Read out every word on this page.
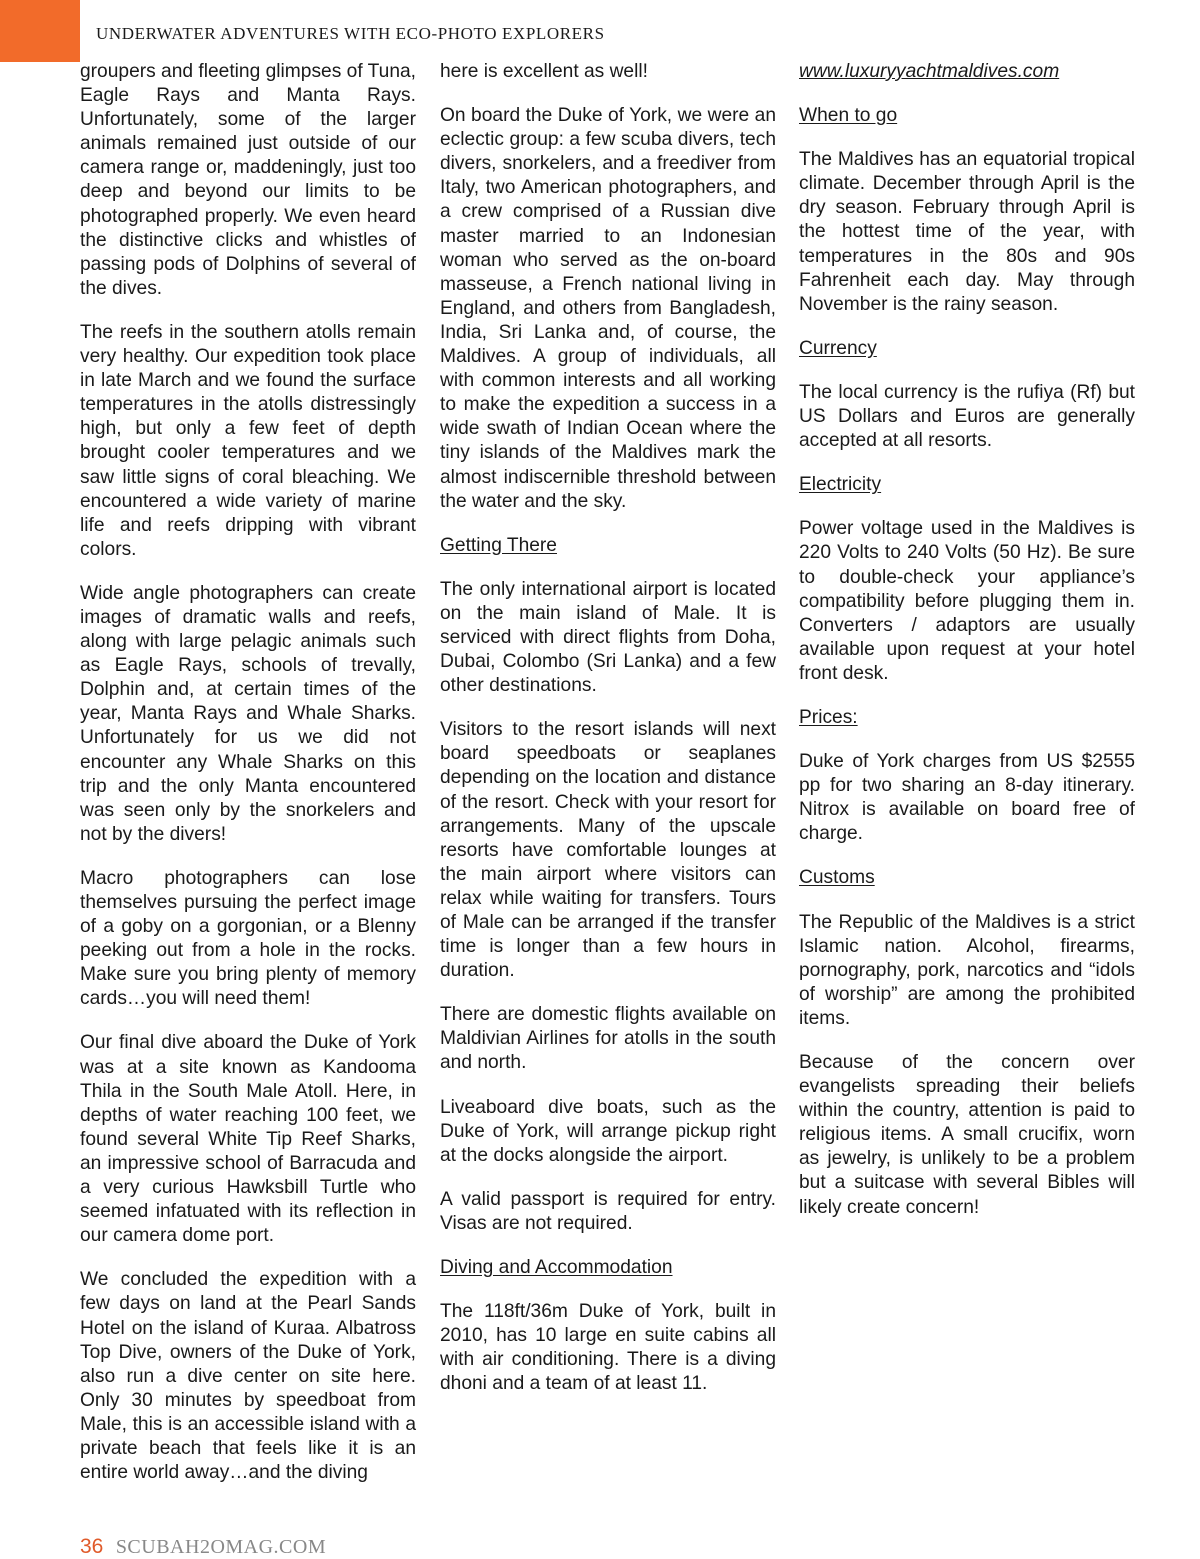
UNDERWATER ADVENTURES WITH ECO-PHOTO EXPLORERS

groupers and fleeting glimpses of Tuna, Eagle Rays and Manta Rays. Unfortunately, some of the larger animals remained just outside of our camera range or, maddeningly, just too deep and beyond our limits to be photographed properly. We even heard the distinctive clicks and whistles of passing pods of Dolphins of several of the dives.

The reefs in the southern atolls remain very healthy. Our expedition took place in late March and we found the surface temperatures in the atolls distressingly high, but only a few feet of depth brought cooler temperatures and we saw little signs of coral bleaching. We encountered a wide variety of marine life and reefs dripping with vibrant colors.

Wide angle photographers can create images of dramatic walls and reefs, along with large pelagic animals such as Eagle Rays, schools of trevally, Dolphin and, at certain times of the year, Manta Rays and Whale Sharks. Unfortunately for us we did not encounter any Whale Sharks on this trip and the only Manta encountered was seen only by the snorkelers and not by the divers!

Macro photographers can lose themselves pursuing the perfect image of a goby on a gorgonian, or a Blenny peeking out from a hole in the rocks. Make sure you bring plenty of memory cards…you will need them!

Our final dive aboard the Duke of York was at a site known as Kandooma Thila in the South Male Atoll. Here, in depths of water reaching 100 feet, we found several White Tip Reef Sharks, an impressive school of Barracuda and a very curious Hawksbill Turtle who seemed infatuated with its reflection in our camera dome port.

We concluded the expedition with a few days on land at the Pearl Sands Hotel on the island of Kuraa. Albatross Top Dive, owners of the Duke of York, also run a dive center on site here. Only 30 minutes by speedboat from Male, this is an accessible island with a private beach that feels like it is an entire world away…and the diving

here is excellent as well!

On board the Duke of York, we were an eclectic group: a few scuba divers, tech divers, snorkelers, and a freediver from Italy, two American photographers, and a crew comprised of a Russian dive master married to an Indonesian woman who served as the on-board masseuse, a French national living in England, and others from Bangladesh, India, Sri Lanka and, of course, the Maldives. A group of individuals, all with common interests and all working to make the expedition a success in a wide swath of Indian Ocean where the tiny islands of the Maldives mark the almost indiscernible threshold between the water and the sky.

Getting There

The only international airport is located on the main island of Male. It is serviced with direct flights from Doha, Dubai, Colombo (Sri Lanka) and a few other destinations.

Visitors to the resort islands will next board speedboats or seaplanes depending on the location and distance of the resort. Check with your resort for arrangements. Many of the upscale resorts have comfortable lounges at the main airport where visitors can relax while waiting for transfers. Tours of Male can be arranged if the transfer time is longer than a few hours in duration.

There are domestic flights available on Maldivian Airlines for atolls in the south and north.

Liveaboard dive boats, such as the Duke of York, will arrange pickup right at the docks alongside the airport.

A valid passport is required for entry. Visas are not required.

Diving and Accommodation

The 118ft/36m Duke of York, built in 2010, has 10 large en suite cabins all with air conditioning. There is a diving dhoni and a team of at least 11.

www.luxuryyachtmaldives.com
When to go

The Maldives has an equatorial tropical climate. December through April is the dry season. February through April is the hottest time of the year, with temperatures in the 80s and 90s Fahrenheit each day. May through November is the rainy season.

Currency

The local currency is the rufiya (Rf) but US Dollars and Euros are generally accepted at all resorts.

Electricity

Power voltage used in the Maldives is 220 Volts to 240 Volts (50 Hz). Be sure to double-check your appliance’s compatibility before plugging them in. Converters / adaptors are usually available upon request at your hotel front desk.

Prices:

Duke of York charges from US $2555 pp for two sharing an 8-day itinerary. Nitrox is available on board free of charge.

Customs

The Republic of the Maldives is a strict Islamic nation. Alcohol, firearms, pornography, pork, narcotics and “idols of worship” are among the prohibited items.

Because of the concern over evangelists spreading their beliefs within the country, attention is paid to religious items. A small crucifix, worn as jewelry, is unlikely to be a problem but a suitcase with several Bibles will likely create concern!

36 SCUBAH2OMAG.COM
